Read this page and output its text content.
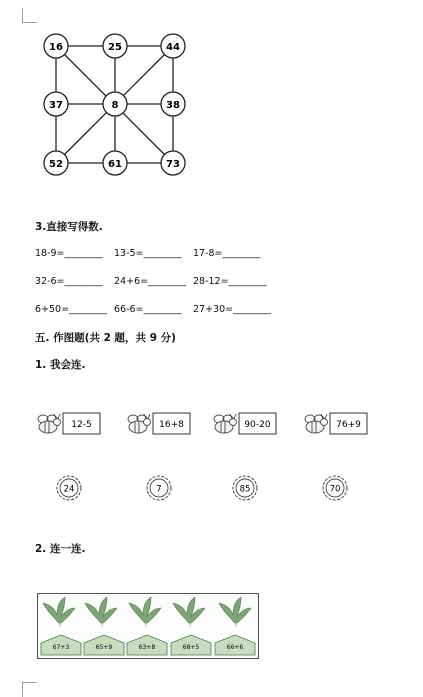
16	25	44
37	8	38
52	61	73
3.直接写得数.
18-9=________ 13-5=________ 17-8=________
32-6=________ 24+6=________ 28-12=________
6+50=________ 66-6=________ 27+30=________
五. 作图题(共 2 题，共 9 分)
1. 我会连.
12-5	16+8	90-20	76+9
24	7	85	70
2. 连一连.
67+3	65+9	63+8	68+5	66+6
